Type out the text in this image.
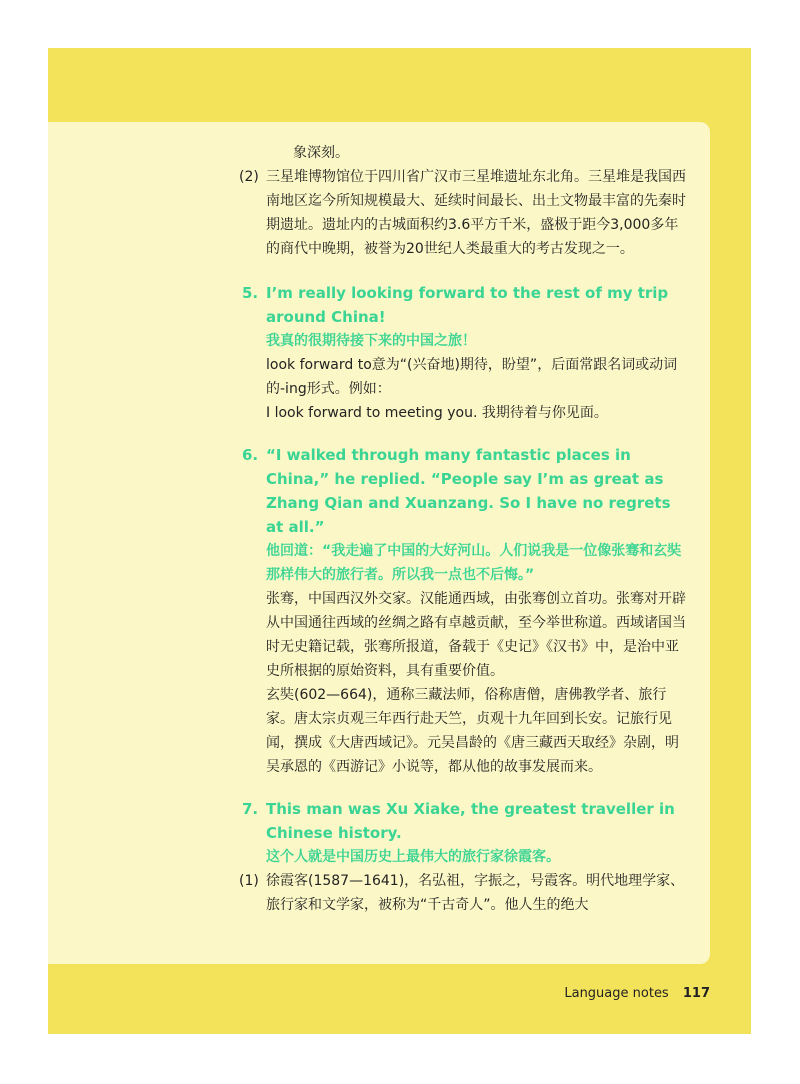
象深刻。

(2) 三星堆博物馆位于四川省广汉市三星堆遗址东北角。三星堆是我国西南地区迄今所知规模最大、延续时间最长、出土文物最丰富的先秦时期遗址。遗址内的古城面积约3.6平方千米，盛极于距今3,000多年的商代中晚期，被誉为20世纪人类最重大的考古发现之一。
5. I’m really looking forward to the rest of my trip around China!

我真的很期待接下来的中国之旅！

look forward to意为“(兴奋地)期待，盼望”，后面常跟名词或动词的-ing形式。例如：

I look forward to meeting you. 我期待着与你见面。

6. “I walked through many fantastic places in China,” he replied. “People say I’m as great as Zhang Qian and Xuanzang. So I have no regrets at all.”

他回道：“我走遍了中国的大好河山。人们说我是一位像张骞和玄奘那样伟大的旅行者。所以我一点也不后悔。”

张骞，中国西汉外交家。汉能通西域，由张骞创立首功。张骞对开辟从中国通往西域的丝绸之路有卓越贡献，至今举世称道。西域诸国当时无史籍记载，张骞所报道，备载于《史记》《汉书》中，是治中亚史所根据的原始资料，具有重要价值。

玄奘(602—664)，通称三藏法师，俗称唐僧，唐佛教学者、旅行家。唐太宗贞观三年西行赴天竺，贞观十九年回到长安。记旅行见闻，撰成《大唐西域记》。元吴昌龄的《唐三藏西天取经》杂剧，明吴承恩的《西游记》小说等，都从他的故事发展而来。

7. This man was Xu Xiake, the greatest traveller in Chinese history.

这个人就是中国历史上最伟大的旅行家徐霞客。

(1) 徐霞客(1587—1641)，名弘祖，字振之，号霞客。明代地理学家、旅行家和文学家，被称为“千古奇人”。他人生的绝大
Language notes 117
